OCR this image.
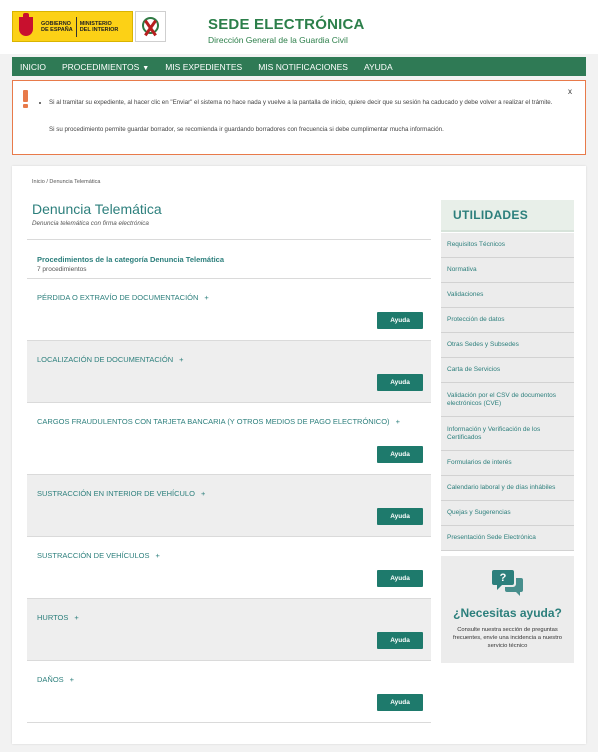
GOBIERNO
DE ESPAÑA
MINISTERIO
DEL INTERIOR	SEDE ELECTRÓNICA
Dirección General de la Guardia Civil
INICIO PROCEDIMIENTOS ▼ MIS EXPEDIENTES MIS NOTIFICACIONES AYUDA
x
• Si al tramitar su expediente, al hacer clic en "Enviar" el sistema no hace nada y vuelve a la pantalla de inicio, quiere decir que su sesión ha caducado y debe volver a realizar el trámite.

Si su procedimiento permite guardar borrador, se recomienda ir guardando borradores con frecuencia si debe cumplimentar mucha información.

Inicio / Denuncia Telemática
Denuncia Telemática
Denuncia telemática con firma electrónica
Procedimientos de la categoría Denuncia Telemática
7 procedimientos
PÉRDIDA O EXTRAVÍO DE DOCUMENTACIÓN +
Ayuda
LOCALIZACIÓN DE DOCUMENTACIÓN +
Ayuda
CARGOS FRAUDULENTOS CON TARJETA BANCARIA (Y OTROS MEDIOS DE PAGO ELECTRÓNICO) +
Ayuda
SUSTRACCIÓN EN INTERIOR DE VEHÍCULO +
Ayuda
SUSTRACCIÓN DE VEHÍCULOS +
Ayuda
HURTOS +
Ayuda
DAÑOS +
Ayuda
UTILIDADES
Requisitos Técnicos
Normativa
Validaciones
Protección de datos
Otras Sedes y Subsedes
Carta de Servicios
Validación por el CSV de documentos electrónicos (CVE)
Información y Verificación de los Certificados
Formularios de interés
Calendario laboral y de días inhábiles
Quejas y Sugerencias
Presentación Sede Electrónica
?
¿Necesitas ayuda?
Consulte nuestra sección de preguntas frecuentes, envíe una incidencia a nuestro servicio técnico
